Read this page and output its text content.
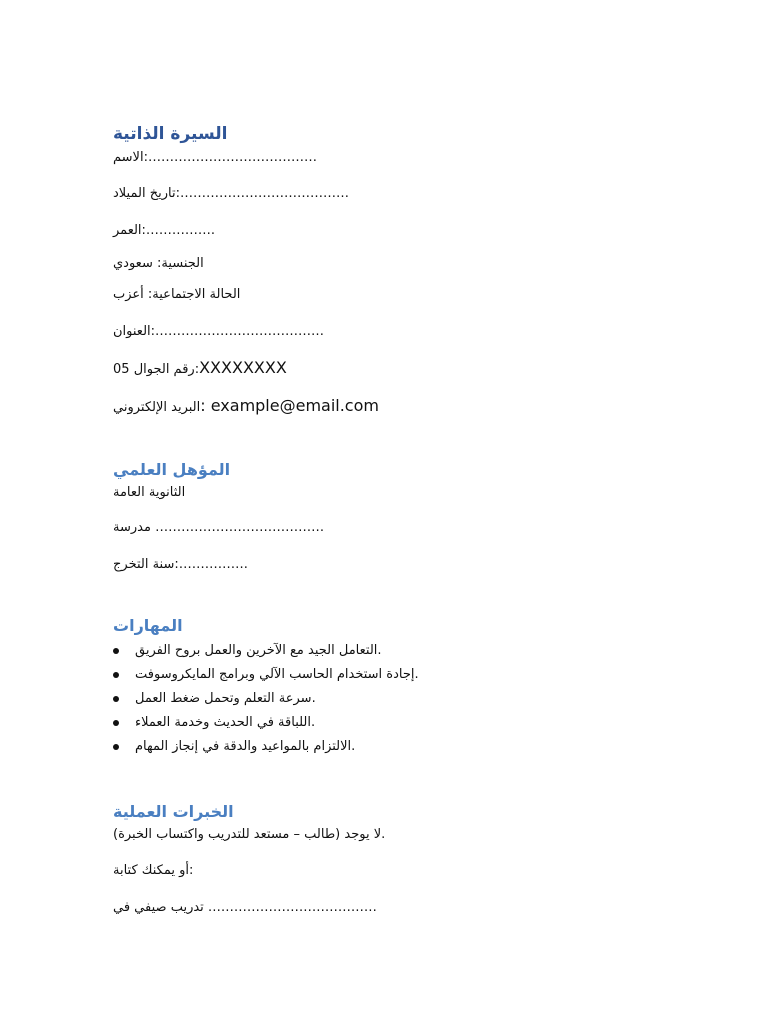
السيرة الذاتية
الاسم:…………………………………
تاريخ الميلاد:…………………………………
العمر:…………….
الجنسية: سعودي
الحالة الاجتماعية: أعزب
العنوان:…………………………………
05 رقم الجوال:XXXXXXXX
البريد الإلكتروني: example@email.com
المؤهل العلمي
الثانوية العامة
مدرسة …………………………………
سنة التخرج:…………….
المهارات
التعامل الجيد مع الآخرين والعمل بروح الفريق.
إجادة استخدام الحاسب الآلي وبرامج المايكروسوفت.
سرعة التعلم وتحمل ضغط العمل.
اللباقة في الحديث وخدمة العملاء.
الالتزام بالمواعيد والدقة في إنجاز المهام.
الخبرات العملية
لا يوجد (طالب – مستعد للتدريب واكتساب الخبرة).
أو يمكنك كتابة:
تدريب صيفي في …………………………………
